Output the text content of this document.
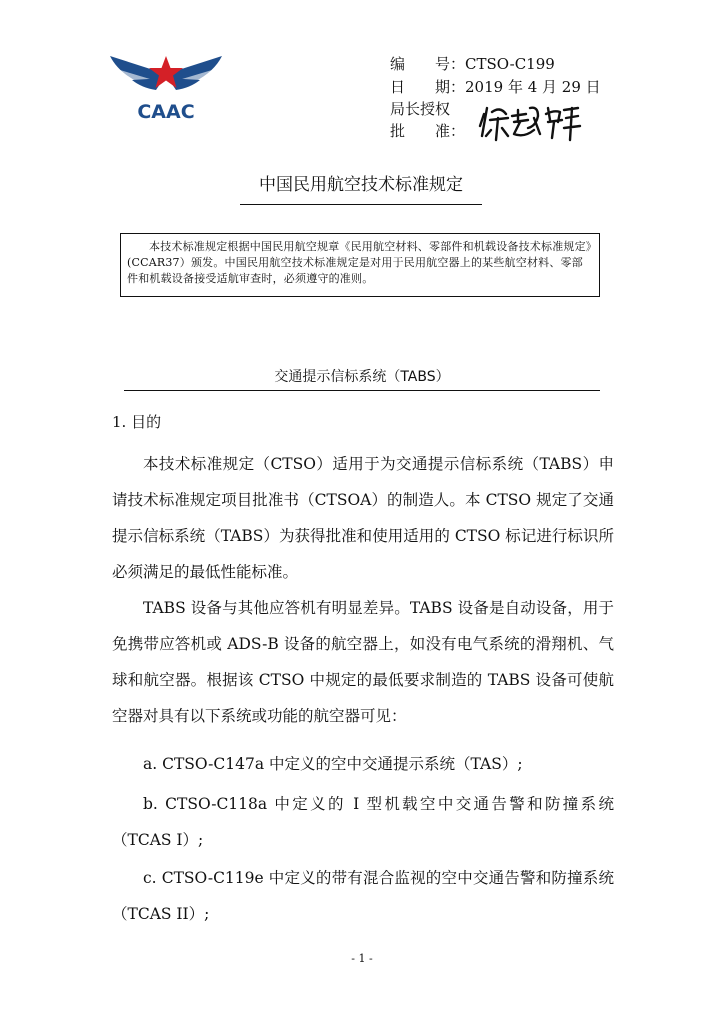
CAAC
编　　号：CTSO-C199
日　　期：2019 年 4 月 29 日
局长授权
批　　准：
中国民用航空技术标准规定
本技术标准规定根据中国民用航空规章《民用航空材料、零部件和机载设备技术标准规定》(CCAR37）颁发。中国民用航空技术标准规定是对用于民用航空器上的某些航空材料、零部件和机载设备接受适航审查时，必须遵守的准则。
交通提示信标系统（TABS）
1. 目的
本技术标准规定（CTSO）适用于为交通提示信标系统（TABS）申请技术标准规定项目批准书（CTSOA）的制造人。本 CTSO 规定了交通提示信标系统（TABS）为获得批准和使用适用的 CTSO 标记进行标识所必须满足的最低性能标准。
TABS 设备与其他应答机有明显差异。TABS 设备是自动设备，用于免携带应答机或 ADS-B 设备的航空器上，如没有电气系统的滑翔机、气球和航空器。根据该 CTSO 中规定的最低要求制造的 TABS 设备可使航空器对具有以下系统或功能的航空器可见：
a. CTSO-C147a 中定义的空中交通提示系统（TAS）;
b. CTSO-C118a 中定义的 I 型机载空中交通告警和防撞系统（TCAS I）;
c. CTSO-C119e 中定义的带有混合监视的空中交通告警和防撞系统（TCAS II）;
- 1 -
